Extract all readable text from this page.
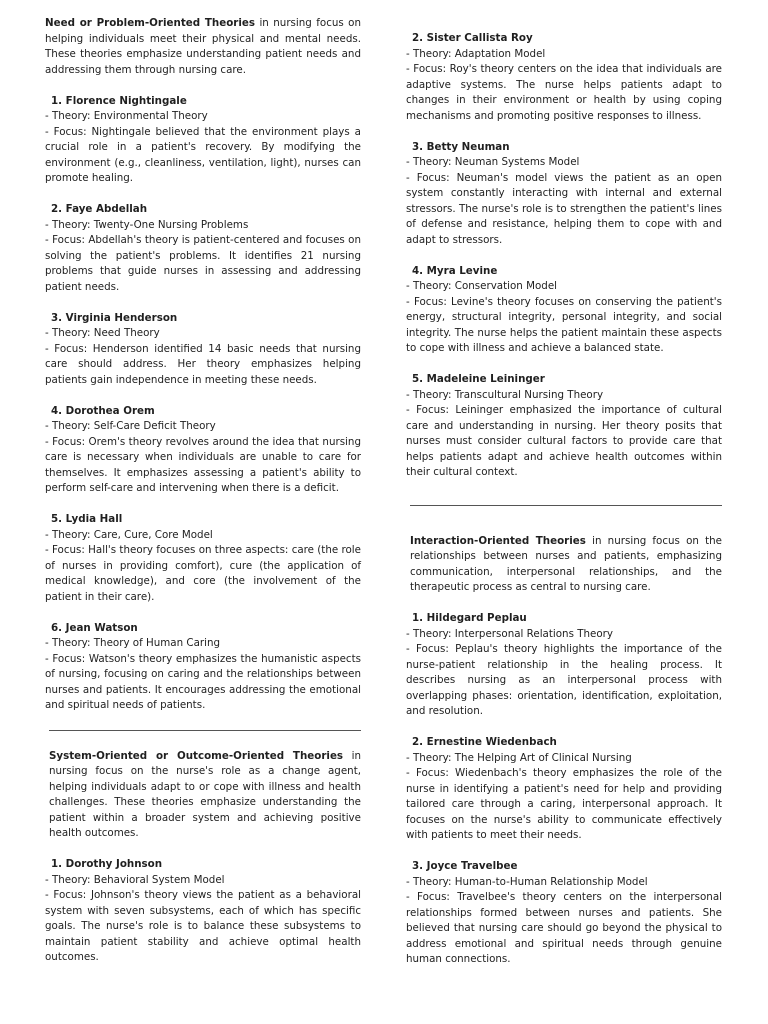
Need or Problem-Oriented Theories in nursing focus on helping individuals meet their physical and mental needs. These theories emphasize understanding patient needs and addressing them through nursing care.

1. Florence Nightingale

- Theory: Environmental Theory

- Focus: Nightingale believed that the environment plays a crucial role in a patient's recovery. By modifying the environment (e.g., cleanliness, ventilation, light), nurses can promote healing.

2. Faye Abdellah

- Theory: Twenty-One Nursing Problems

- Focus: Abdellah's theory is patient-centered and focuses on solving the patient's problems. It identifies 21 nursing problems that guide nurses in assessing and addressing patient needs.

3. Virginia Henderson

- Theory: Need Theory

- Focus: Henderson identified 14 basic needs that nursing care should address. Her theory emphasizes helping patients gain independence in meeting these needs.

4. Dorothea Orem

- Theory: Self-Care Deficit Theory

- Focus: Orem's theory revolves around the idea that nursing care is necessary when individuals are unable to care for themselves. It emphasizes assessing a patient's ability to perform self-care and intervening when there is a deficit.

5. Lydia Hall

- Theory: Care, Cure, Core Model

- Focus: Hall's theory focuses on three aspects: care (the role of nurses in providing comfort), cure (the application of medical knowledge), and core (the involvement of the patient in their care).

6. Jean Watson

- Theory: Theory of Human Caring

- Focus: Watson's theory emphasizes the humanistic aspects of nursing, focusing on caring and the relationships between nurses and patients. It encourages addressing the emotional and spiritual needs of patients.

System-Oriented or Outcome-Oriented Theories in nursing focus on the nurse's role as a change agent, helping individuals adapt to or cope with illness and health challenges. These theories emphasize understanding the patient within a broader system and achieving positive health outcomes.

1. Dorothy Johnson

- Theory: Behavioral System Model

- Focus: Johnson's theory views the patient as a behavioral system with seven subsystems, each of which has specific goals. The nurse's role is to balance these subsystems to maintain patient stability and achieve optimal health outcomes.

2. Sister Callista Roy

- Theory: Adaptation Model

- Focus: Roy's theory centers on the idea that individuals are adaptive systems. The nurse helps patients adapt to changes in their environment or health by using coping mechanisms and promoting positive responses to illness.

3. Betty Neuman

- Theory: Neuman Systems Model

- Focus: Neuman's model views the patient as an open system constantly interacting with internal and external stressors. The nurse's role is to strengthen the patient's lines of defense and resistance, helping them to cope with and adapt to stressors.

4. Myra Levine

- Theory: Conservation Model

- Focus: Levine's theory focuses on conserving the patient's energy, structural integrity, personal integrity, and social integrity. The nurse helps the patient maintain these aspects to cope with illness and achieve a balanced state.

5. Madeleine Leininger

- Theory: Transcultural Nursing Theory

- Focus: Leininger emphasized the importance of cultural care and understanding in nursing. Her theory posits that nurses must consider cultural factors to provide care that helps patients adapt and achieve health outcomes within their cultural context.

Interaction-Oriented Theories in nursing focus on the relationships between nurses and patients, emphasizing communication, interpersonal relationships, and the therapeutic process as central to nursing care.

1. Hildegard Peplau

- Theory: Interpersonal Relations Theory

- Focus: Peplau's theory highlights the importance of the nurse-patient relationship in the healing process. It describes nursing as an interpersonal process with overlapping phases: orientation, identification, exploitation, and resolution.

2. Ernestine Wiedenbach

- Theory: The Helping Art of Clinical Nursing

- Focus: Wiedenbach's theory emphasizes the role of the nurse in identifying a patient's need for help and providing tailored care through a caring, interpersonal approach. It focuses on the nurse's ability to communicate effectively with patients to meet their needs.

3. Joyce Travelbee

- Theory: Human-to-Human Relationship Model

- Focus: Travelbee's theory centers on the interpersonal relationships formed between nurses and patients. She believed that nursing care should go beyond the physical to address emotional and spiritual needs through genuine human connections.
